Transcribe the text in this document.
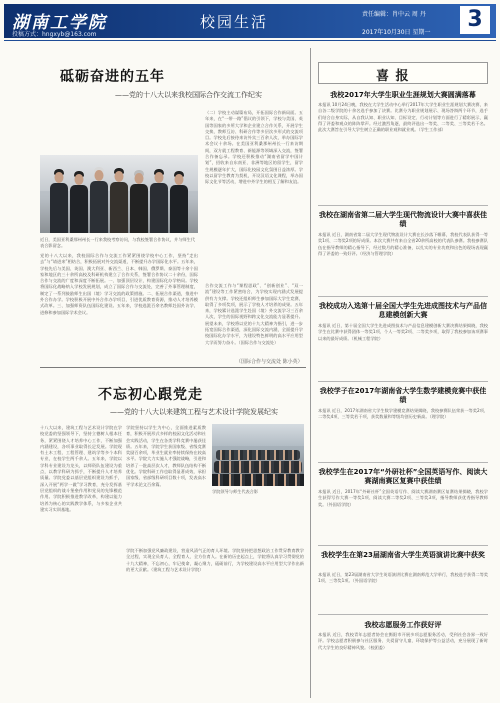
湖南工学院
投稿方式：hngxyb@163.com
校园生活	责任编辑：肖中云 周 丹
2017年10月30日 星期一
3
砥砺奋进的五年
——党的十八大以来我校国际合作交流工作纪实
近日，美国亚利桑那州州长一行来我校考察访问，与我校签署合作协议，并与师生代表合影留念。
党的十八大以来，我校国际合作与交流工作紧紧围绕学校中心工作，坚持“走出去”与“请进来”相结合，积极拓展对外交流渠道，不断提升办学国际化水平。五年来，学校先后与美国、英国、澳大利亚、新西兰、日本、韩国、俄罗斯、泰国等十余个国家和地区的三十余所高校及科研机构建立了合作关系，签署合作协议二十余份，国际合作与交流的广度和深度不断拓展。一、加强顶层设计，构建国际化办学格局。学校将国际化战略纳入学校发展规划，成立了国际合作与交流处，完善了外事管理制度，制定了一系列鼓励师生出国（境）学习交流的政策措施。二、拓展合作渠道，推进中外合作办学。学校积极开展中外合作办学项目，引进优质教育资源，推动人才培养模式改革。三、加强师资队伍国际化建设。五年来，学校选派百余名教师赴国外访学、进修和参加国际学术会议。
（二）学校主动谋篇布局，开拓国际合作新局面。五年来，在“一带一路”倡议的引领下，学校与美国、英国等国家的多所大学和企业建立合作关系，开展学生交换、教师互访、科研合作等多层次多形式的交流项目。学校先后接待来访外宾三百余人次，举办国际学术会议十余场。在美国亚利桑那州州长一行来访期间，双方就工程教育、新能源等领域深入交流，签署合作备忘录。学校还积极推动“湖南省留学中国计划”，招收来自东南亚、非洲等地区的留学生，留学生规模逐年扩大，国际化校园文化氛围日益浓厚。学校以留学生教育为契机，开设汉语文化课程，举办国际文化节等活动，增进中外学生的相互了解和友谊。
合作交流工作与“课程思政”、“创新创业”、“双一流”建设等工作紧密结合，为学校实现内涵式发展提供有力支撑。学校还组织师生参加国际大学生竞赛，取得了多项奖项，展示了学校人才培养的成果。五年来，学校累计选派学生赴国（境）外交流学习三百余人次，学生的国际视野和跨文化交流能力显著提升。展望未来，学校将以党的十九大精神为指引，进一步拓宽国际合作渠道，深化国际交流内涵，全面提升学校国际化办学水平，为建设特色鲜明的高水平应用型大学而努力奋斗。（国际合作与交流处）
（国际合作与交流处 陈小英）
不忘初心跟党走
——党的十八大以来建筑工程与艺术设计学院发展纪实
十八大以来，建筑工程与艺术设计学院在学校党委的坚强领导下，坚持立德树人根本任务，紧紧围绕人才培养中心工作，不断加强内涵建设，各项事业取得长足发展。学院现有土木工程、工程管理、建筑学等多个本科专业，在校学生两千余人。五年来，学院以学科专业建设为龙头，以师资队伍建设为重点，以教学科研为抓手，不断提升人才培养质量。学院党委以基层党组织建设为抓手，深入开展“两学一做”学习教育，充分发挥基层党组织的战斗堡垒作用和党员的先锋模范作用。学院积极推进教学改革，构建以能力培养为核心的实践教学体系，与多家企业共建实习实训基地。
学院坚持以学生为中心，全面推进素质教育，积极开展形式多样的校园文化活动和社会实践活动，学生在各类学科竞赛中屡获佳绩。五年来，学院学生获国家级、省级竞赛奖励百余项，毕业生就业率持续保持在较高水平。学院大力实施人才强院战略，引进和培养了一批高层次人才，教师队伍结构不断优化。学院科研工作也取得显著成效，承担国家级、省部级科研项目数十项，发表高水平学术论文百余篇。
学院领导与师生代表合影
学院不断加强党风廉政建设，营造风清气正的育人环境。学院坚持把思想政治工作贯穿教育教学全过程，实现全员育人、全程育人、全方位育人。在新的历史起点上，学院将认真学习贯彻党的十九大精神，不忘初心，牢记使命，凝心聚力，砥砺前行，为学校建设高水平应用型大学作出新的更大贡献。（建筑工程与艺术设计学院）
喜 报
我校2017年大学生职业生涯规划大赛圆满落幕
本报讯 10月24日晚，我校在大学生活动中心举行2017年大学生职业生涯规划大赛决赛，来自各二级学院的十余名选手参加了决赛。比赛分为职业规划展示、现场答辩两个环节，选手们结合自身实际，从自我认知、职业认知、目标设定、行动计划等方面进行了精彩展示，赢得了评委和观众的阵阵掌声。经过激烈角逐，最终评选出一等奖、二等奖、三等奖若干名。此次大赛旨在引导大学生树立正确的职业观和就业观。（学生工作部）
我校在湖南省第二届大学生现代物流设计大赛中喜获佳绩
本报讯 近日，湖南省第二届大学生现代物流设计大赛在长沙落下帷幕，我校代表队获得一等奖1项、二等奖2项的好成绩。本次大赛共有来自全省20余所高校的代表队参赛。我校参赛队伍在指导教师的精心指导下，经过数月的精心准备，以扎实的专业功底和出色的现场表现赢得了评委的一致好评。（经济与管理学院）
我校成功入选第十届全国大学生先进成图技术与产品信息建模创新大赛
本报讯 近日，第十届全国大学生先进成图技术与产品信息建模创新大赛决赛结果揭晓，我校学生在比赛中获得团体一等奖1项、个人一等奖2项、二等奖多项，取得了我校参加该项赛事以来的最好成绩。（机械工程学院）
我校学子在2017年湖南省大学生数学建模竞赛中获佳绩
本报讯 近日，2017年湖南省大学生数学建模竞赛结果揭晓，我校参赛队伍荣获一等奖2项、二等奖4项、三等奖若干项，获奖数量和等级均创历史新高。（理学院）
我校学生在2017年“外研社杯”全国英语写作、阅读大赛湖南赛区复赛中获佳绩
本报讯 近日，2017年“外研社杯”全国英语写作、阅读大赛湖南赛区复赛结果揭晓，我校学生获得写作大赛一等奖1项、阅读大赛二等奖2项、三等奖3项，指导教师获优秀指导教师奖。（外国语学院）
我校学生在第23届湖南省大学生英语演讲比赛中获奖
本报讯 近日，第23届湖南省大学生英语演讲比赛在湖南师范大学举行，我校选手获得二等奖1项、三等奖1项。（外国语学院）
我校志愿服务工作获好评
本报讯 近日，我校青年志愿者协会在衡阳市开展多项志愿服务活动，受到社会各界一致好评。学校志愿者积极参与社区服务、关爱留守儿童、环境保护等公益活动，充分展现了新时代大学生的良好精神风貌。（校团委）
